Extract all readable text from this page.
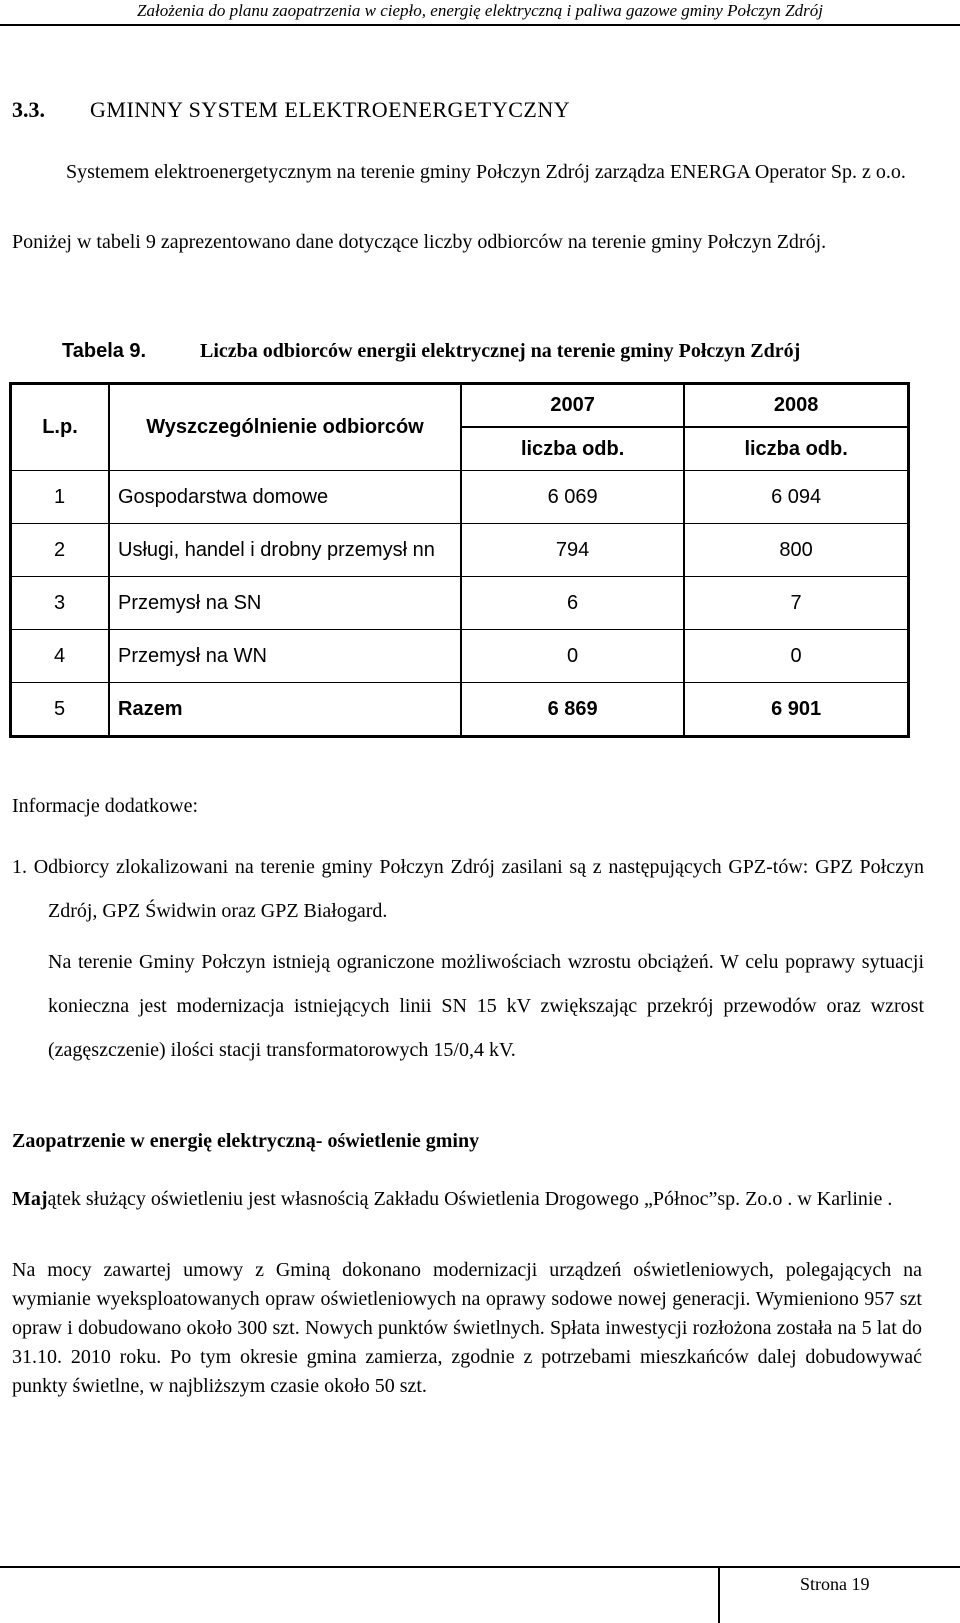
Założenia do planu zaopatrzenia w ciepło, energię elektryczną i paliwa gazowe gminy Połczyn Zdrój
3.3. GMINNY SYSTEM ELEKTROENERGETYCZNY
Systemem elektroenergetycznym na terenie gminy Połczyn Zdrój zarządza ENERGA Operator Sp. z o.o.
Poniżej w tabeli 9 zaprezentowano dane dotyczące liczby odbiorców na terenie gminy Połczyn Zdrój.
Tabela 9.	Liczba odbiorców energii elektrycznej na terenie gminy Połczyn Zdrój
L.p.	Wyszczególnienie odbiorców	2007	2008
		liczba odb.	liczba odb.
1	Gospodarstwa domowe	6 069	6 094
2	Usługi, handel i drobny przemysł nn	794	800
3	Przemysł na SN	6	7
4	Przemysł na WN	0	0
5	Razem	6 869	6 901
Informacje dodatkowe:
1. Odbiorcy zlokalizowani na terenie gminy Połczyn Zdrój zasilani są z następujących GPZ-tów: GPZ Połczyn Zdrój, GPZ Świdwin oraz GPZ Białogard.
Na terenie Gminy Połczyn istnieją ograniczone możliwościach wzrostu obciążeń. W celu poprawy sytuacji konieczna jest modernizacja istniejących linii SN 15 kV zwiększając przekrój przewodów oraz wzrost (zagęszczenie) ilości stacji transformatorowych 15/0,4 kV.
Zaopatrzenie w energię elektryczną- oświetlenie gminy
Majątek służący oświetleniu jest własnością Zakładu Oświetlenia Drogowego „Północ”sp. Zo.o . w Karlinie .
Na mocy zawartej umowy z Gminą dokonano modernizacji urządzeń oświetleniowych, polegających na wymianie wyeksploatowanych opraw oświetleniowych na oprawy sodowe nowej generacji. Wymieniono 957 szt opraw i dobudowano około 300 szt. Nowych punktów świetlnych. Spłata inwestycji rozłożona została na 5 lat do 31.10. 2010 roku. Po tym okresie gmina zamierza, zgodnie z potrzebami mieszkańców dalej dobudowywać punkty świetlne, w najbliższym czasie około 50 szt.
Strona 19
